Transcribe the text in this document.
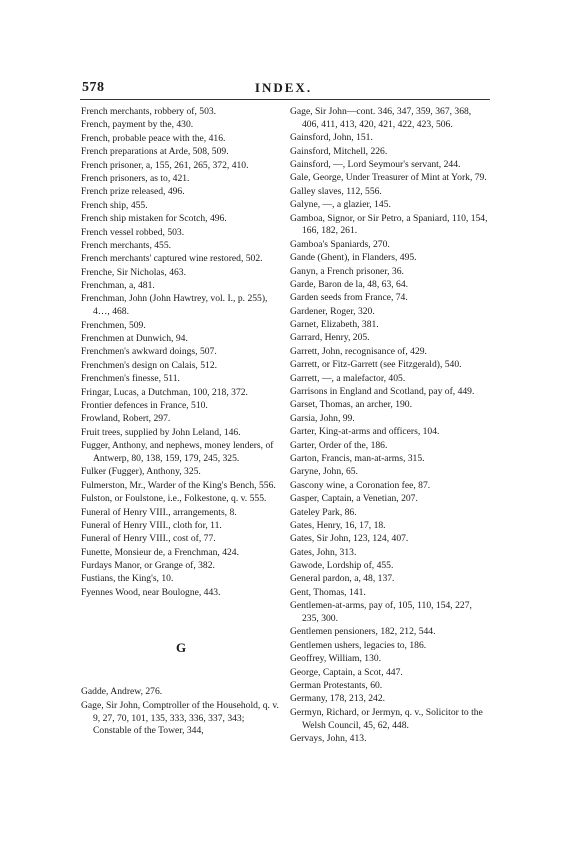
578	INDEX.
French merchants, robbery of, 503.
French, payment by the, 430.
French, probable peace with the, 416.
French preparations at Arde, 508, 509.
French prisoner, a, 155, 261, 265, 372, 410.
French prisoners, as to, 421.
French prize released, 496.
French ship, 455.
French ship mistaken for Scotch, 496.
French vessel robbed, 503.
French merchants, 455.
French merchants' captured wine restored, 502.
Frenche, Sir Nicholas, 463.
Frenchman, a, 481.
Frenchman, John (John Hawtrey, vol. I., p. 255), 4…, 468.
Frenchmen, 509.
Frenchmen at Dunwich, 94.
Frenchmen's awkward doings, 507.
Frenchmen's design on Calais, 512.
Frenchmen's finesse, 511.
Fringar, Lucas, a Dutchman, 100, 218, 372.
Frontier defences in France, 510.
Frowland, Robert, 297.
Fruit trees, supplied by John Leland, 146.
Fugger, Anthony, and nephews, money lenders, of Antwerp, 80, 138, 159, 179, 245, 325.
Fulker (Fugger), Anthony, 325.
Fulmerston, Mr., Warder of the King's Bench, 556.
Fulston, or Foulstone, i.e., Folkestone, q. v. 555.
Funeral of Henry VIII., arrangements, 8.
Funeral of Henry VIII., cloth for, 11.
Funeral of Henry VIII., cost of, 77.
Funette, Monsieur de, a Frenchman, 424.
Furdays Manor, or Grange of, 382.
Fustians, the King's, 10.
Fyennes Wood, near Boulogne, 443.
G
Gadde, Andrew, 276.
Gage, Sir John, Comptroller of the Household, q. v. 9, 27, 70, 101, 135, 333, 336, 337, 343; Constable of the Tower, 344,
Gage, Sir John—cont. 346, 347, 359, 367, 368, 406, 411, 413, 420, 421, 422, 423, 506.
Gainsford, John, 151.
Gainsford, Mitchell, 226.
Gainsford, —, Lord Seymour's servant, 244.
Gale, George, Under Treasurer of Mint at York, 79.
Galley slaves, 112, 556.
Galyne, —, a glazier, 145.
Gamboa, Signor, or Sir Petro, a Spaniard, 110, 154, 166, 182, 261.
Gamboa's Spaniards, 270.
Gande (Ghent), in Flanders, 495.
Ganyn, a French prisoner, 36.
Garde, Baron de la, 48, 63, 64.
Garden seeds from France, 74.
Gardener, Roger, 320.
Garnet, Elizabeth, 381.
Garrard, Henry, 205.
Garrett, John, recognisance of, 429.
Garrett, or Fitz-Garrett (see Fitzgerald), 540.
Garrett, —, a malefactor, 405.
Garrisons in England and Scotland, pay of, 449.
Garset, Thomas, an archer, 190.
Garsia, John, 99.
Garter, King-at-arms and officers, 104.
Garter, Order of the, 186.
Garton, Francis, man-at-arms, 315.
Garyne, John, 65.
Gascony wine, a Coronation fee, 87.
Gasper, Captain, a Venetian, 207.
Gateley Park, 86.
Gates, Henry, 16, 17, 18.
Gates, Sir John, 123, 124, 407.
Gates, John, 313.
Gawode, Lordship of, 455.
General pardon, a, 48, 137.
Gent, Thomas, 141.
Gentlemen-at-arms, pay of, 105, 110, 154, 227, 235, 300.
Gentlemen pensioners, 182, 212, 544.
Gentlemen ushers, legacies to, 186.
Geoffrey, William, 130.
George, Captain, a Scot, 447.
German Protestants, 60.
Germany, 178, 213, 242.
Germyn, Richard, or Jermyn, q. v., Solicitor to the Welsh Council, 45, 62, 448.
Gervays, John, 413.
